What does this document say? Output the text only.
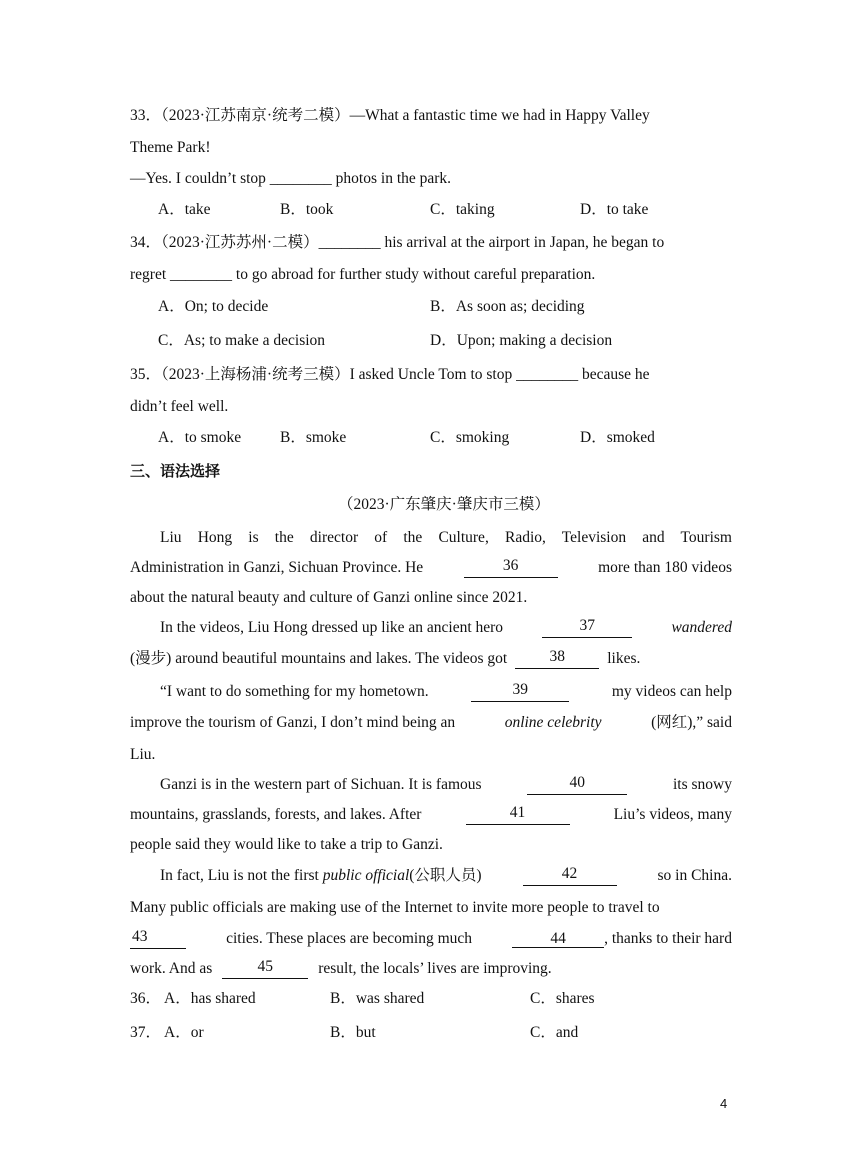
33．（2023·江苏南京·统考二模）—What a fantastic time we had in Happy Valley
Theme Park!
—Yes. I couldn’t stop ________ photos in the park.
A．take	B．took	C．taking	D．to take
34．（2023·江苏苏州·二模）________ his arrival at the airport in Japan, he began to
regret ________ to go abroad for further study without careful preparation.
A．On; to decide	B．As soon as; deciding
C．As; to make a decision	D．Upon; making a decision
35．（2023·上海杨浦·统考三模）I asked Uncle Tom to stop ________ because he
didn’t feel well.
A．to smoke	B．smoke	C．smoking	D．smoked
三、语法选择
（2023·广东肇庆·肇庆市三模）
Liu Hong is the director of the Culture, Radio, Television and Tourism
Administration in Ganzi, Sichuan Province. He	36	more than 180 videos
about the natural beauty and culture of Ganzi online since 2021.
In the videos, Liu Hong dressed up like an ancient hero	37	wandered
(漫步) around beautiful mountains and lakes. The videos got	38	likes.
“I want to do something for my hometown.	39	my videos can help
improve the tourism of Ganzi, I don’t mind being an	online celebrity	(网红),” said
Liu.
Ganzi is in the western part of Sichuan. It is famous	40	its snowy
mountains, grasslands, forests, and lakes. After	41	Liu’s videos, many
people said they would like to take a trip to Ganzi.
In fact, Liu is not the first public official(公职人员)	42	so in China.
Many public officials are making use of the Internet to invite more people to travel to
43	cities. These places are becoming much	44 , thanks to their hard
work. And as	45	result, the locals’ lives are improving.
36． A．has shared	B．was shared	C．shares
37． A．or	B．but	C．and
4
